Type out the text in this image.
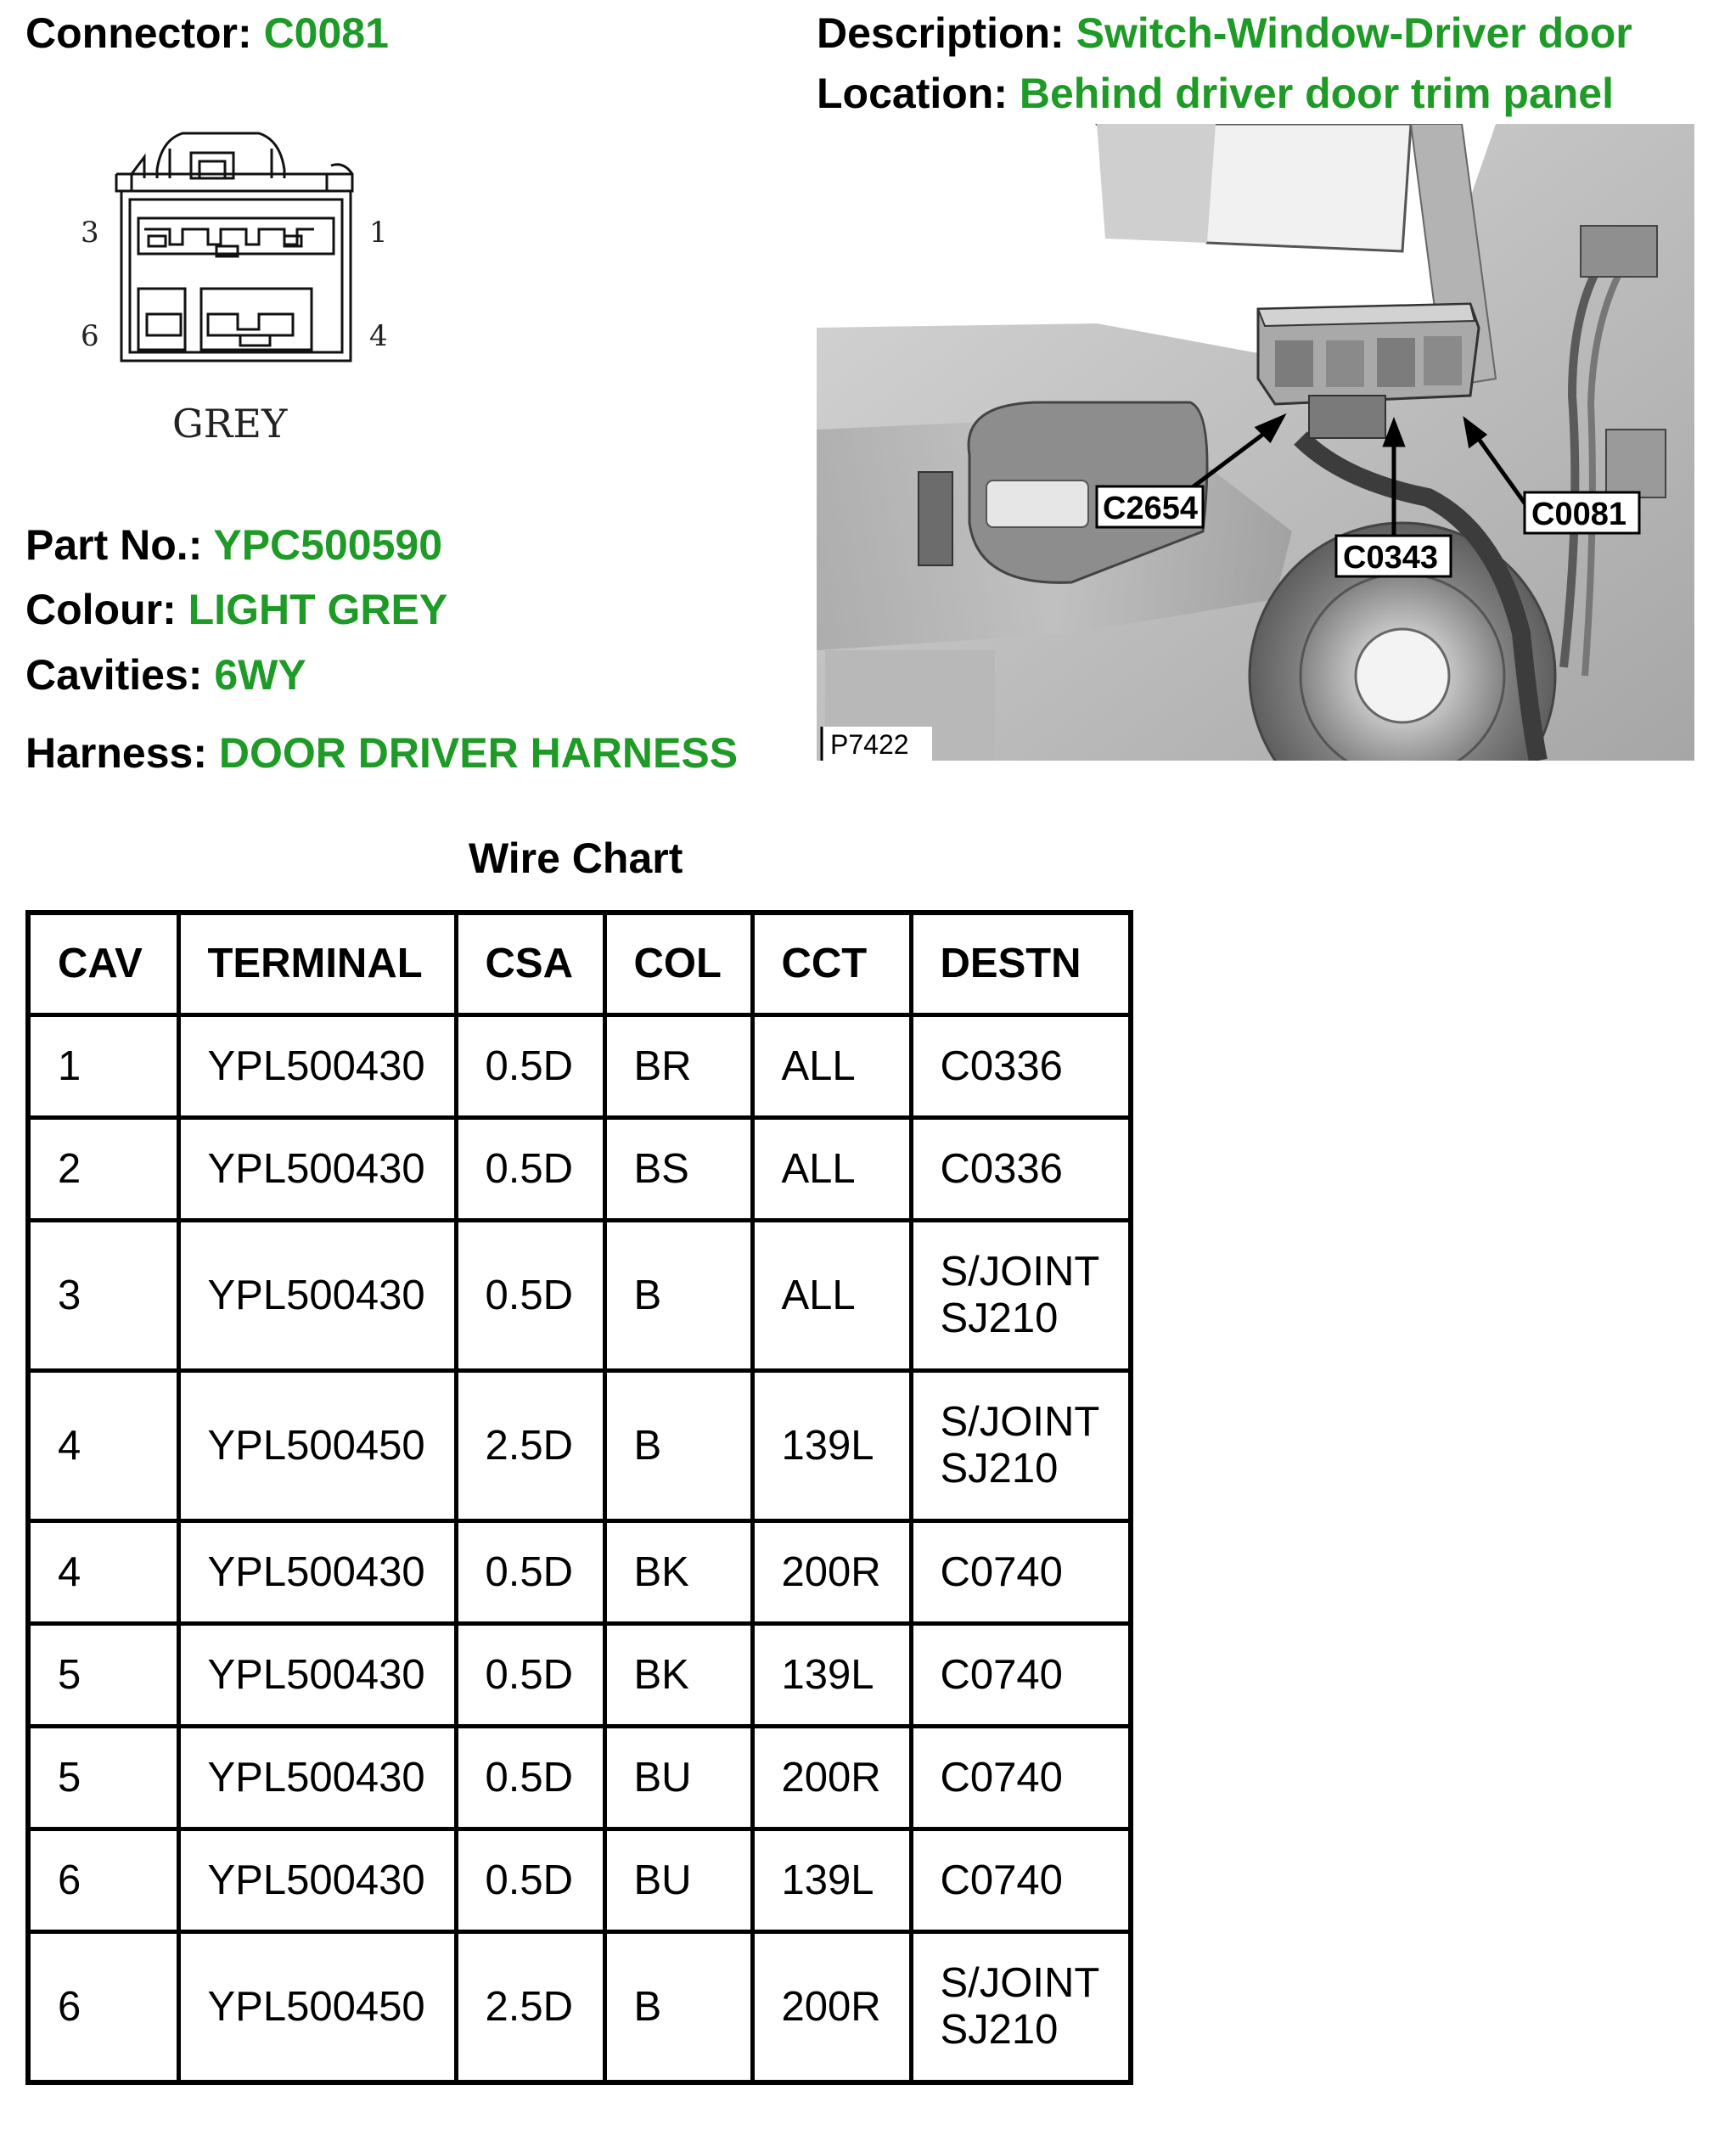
Connector: C0081	Description: Switch-Window-Driver door
Location: Behind driver door trim panel
3	1
6	4
GREY
Part No.: YPC500590
Colour: LIGHT GREY
Cavities: 6WY
Harness: DOOR DRIVER HARNESS
C2654
C0343
C0081
P7422
Wire Chart
CAV	TERMINAL	CSA	COL	CCT	DESTN
1	YPL500430	0.5D	BR	ALL	C0336
2	YPL500430	0.5D	BS	ALL	C0336
3	YPL500430	0.5D	B	ALL	S/JOINT
SJ210
4	YPL500450	2.5D	B	139L	S/JOINT
SJ210
4	YPL500430	0.5D	BK	200R	C0740
5	YPL500430	0.5D	BK	139L	C0740
5	YPL500430	0.5D	BU	200R	C0740
6	YPL500430	0.5D	BU	139L	C0740
6	YPL500450	2.5D	B	200R	S/JOINT
SJ210
